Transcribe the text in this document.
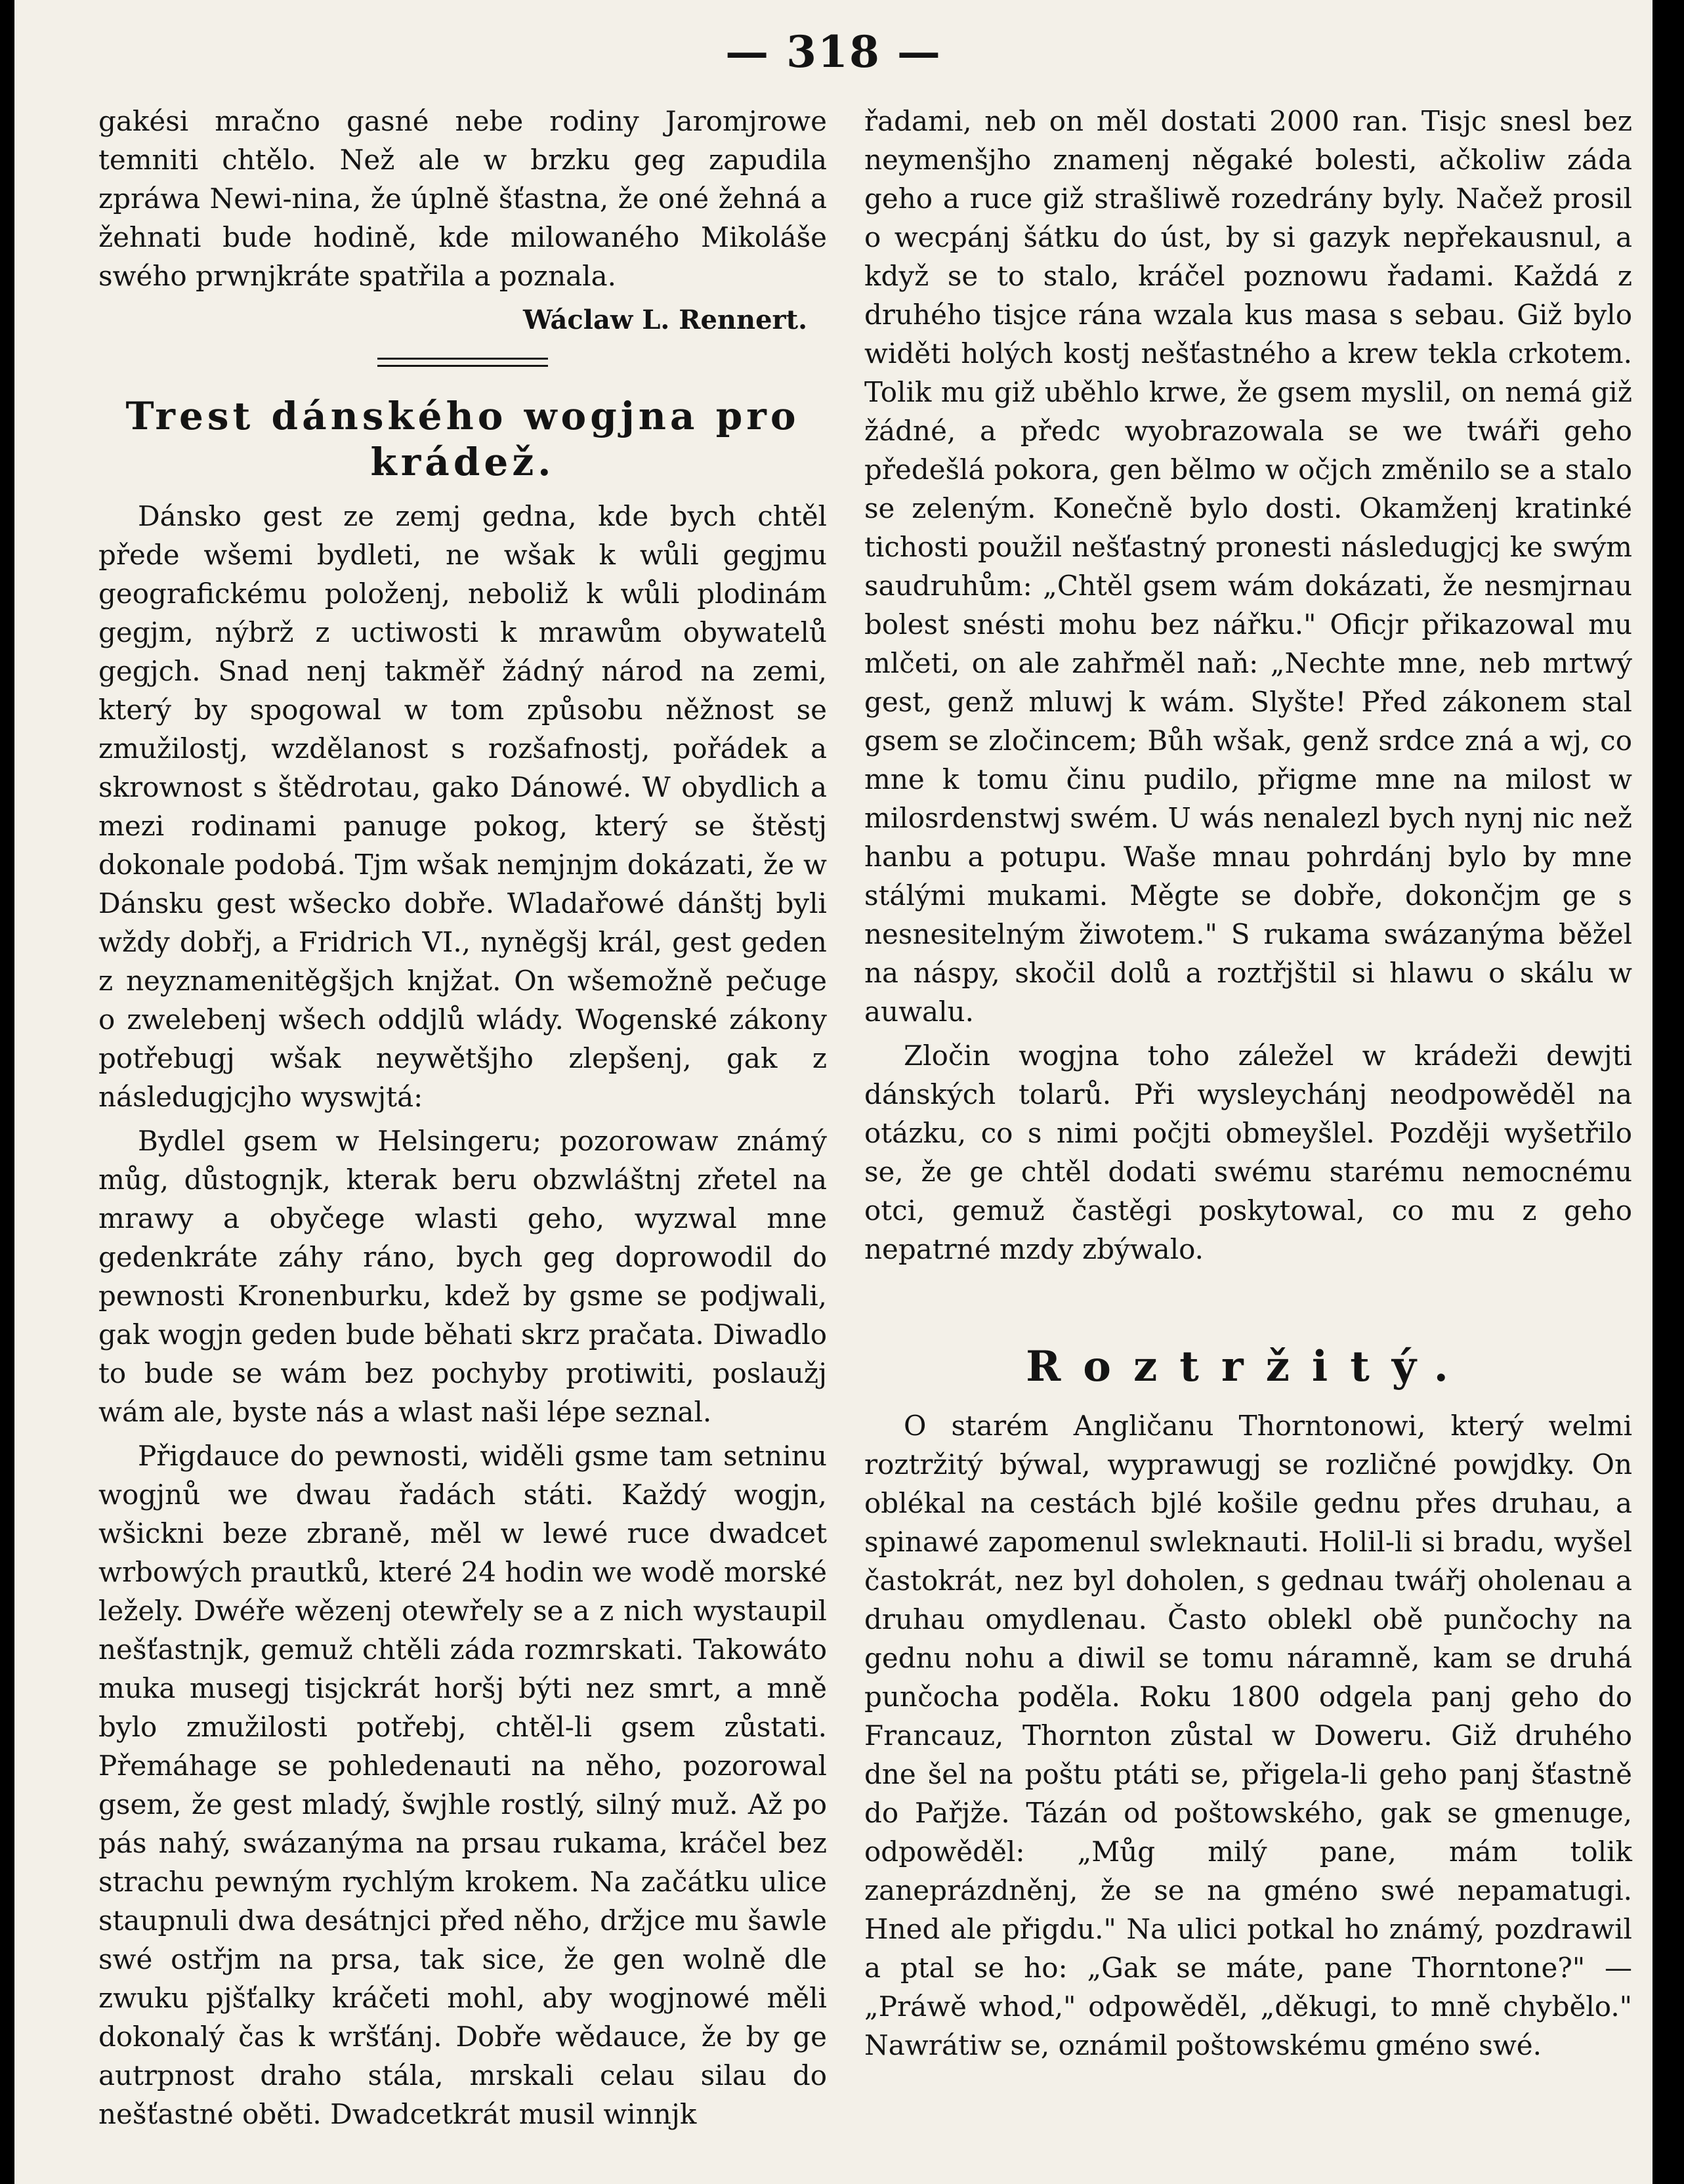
— 318 —

gakési mračno gasné nebe rodiny Jaromjrowe temniti chtělo. Než ale w brzku geg zapudila zpráwa Newi-nina, že úplně šťastna, že oné žehná a žehnati bude hodině, kde milowaného Mikoláše swého prwnjkráte spatřila a poznala.

Wáclaw L. Rennert.
Trest dánského wogjna pro krádež.

Dánsko gest ze zemj gedna, kde bych chtěl přede wšemi bydleti, ne wšak k wůli gegjmu geografickému položenj, neboliž k wůli plodinám gegjm, nýbrž z uctiwosti k mrawům obywatelů gegjch. Snad nenj takměř žádný národ na zemi, který by spogowal w tom způsobu něžnost se zmužilostj, wzdělanost s rozšafnostj, pořádek a skrownost s štědrotau, gako Dánowé. W obydlich a mezi rodinami panuge pokog, který se štěstj dokonale podobá. Tjm wšak nemjnjm dokázati, že w Dánsku gest wšecko dobře. Wladařowé dánštj byli wždy dobřj, a Fridrich VI., nyněgšj král, gest geden z neyznamenitěgšjch knjžat. On wšemožně pečuge o zwelebenj wšech oddjlů wlády. Wogenské zákony potřebugj wšak neywětšjho zlepšenj, gak z následugjcjho wyswjtá:

Bydlel gsem w Helsingeru; pozorowaw známý můg, důstognjk, kterak beru obzwláštnj zřetel na mrawy a obyčege wlasti geho, wyzwal mne gedenkráte záhy ráno, bych geg doprowodil do pewnosti Kronenburku, kdež by gsme se podjwali, gak wogjn geden bude běhati skrz pračata. Diwadlo to bude se wám bez pochyby protiwiti, poslaužj wám ale, byste nás a wlast naši lépe seznal.

Přigdauce do pewnosti, widěli gsme tam setninu wogjnů we dwau řadách státi. Každý wogjn, wšickni beze zbraně, měl w lewé ruce dwadcet wrbowých prautků, které 24 hodin we wodě morské ležely. Dwéře wězenj otewřely se a z nich wystaupil nešťastnjk, gemuž chtěli záda rozmrskati. Takowáto muka musegj tisjckrát horšj býti nez smrt, a mně bylo zmužilosti potřebj, chtěl-li gsem zůstati. Přemáhage se pohledenauti na něho, pozorowal gsem, že gest mladý, šwjhle rostlý, silný muž. Až po pás nahý, swázanýma na prsau rukama, kráčel bez strachu pewným rychlým krokem. Na začátku ulice staupnuli dwa desátnjci před něho, držjce mu šawle swé ostřjm na prsa, tak sice, že gen wolně dle zwuku pjšťalky kráčeti mohl, aby wogjnowé měli dokonalý čas k wršťánj. Dobře wědauce, že by ge autrpnost draho stála, mrskali celau silau do nešťastné oběti. Dwadcetkrát musil winnjk

řadami, neb on měl dostati 2000 ran. Tisjc snesl bez neymenšjho znamenj něgaké bolesti, ačkoliw záda geho a ruce giž strašliwě rozedrány byly. Načež prosil o wecpánj šátku do úst, by si gazyk nepřekausnul, a když se to stalo, kráčel poznowu řadami. Každá z druhého tisjce rána wzala kus masa s sebau. Giž bylo widěti holých kostj nešťastného a krew tekla crkotem. Tolik mu giž uběhlo krwe, že gsem myslil, on nemá giž žádné, a předc wyobrazowala se we twáři geho předešlá pokora, gen bělmo w očjch změnilo se a stalo se zeleným. Konečně bylo dosti. Okamženj kratinké tichosti použil nešťastný pronesti následugjcj ke swým saudruhům: „Chtěl gsem wám dokázati, že nesmjrnau bolest snésti mohu bez nářku." Oficjr přikazowal mu mlčeti, on ale zahřměl naň: „Nechte mne, neb mrtwý gest, genž mluwj k wám. Slyšte! Před zákonem stal gsem se zločincem; Bůh wšak, genž srdce zná a wj, co mne k tomu činu pudilo, přigme mne na milost w milosrdenstwj swém. U wás nenalezl bych nynj nic než hanbu a potupu. Waše mnau pohrdánj bylo by mne stálými mukami. Měgte se dobře, dokončjm ge s nesnesitelným žiwotem." S rukama swázanýma běžel na náspy, skočil dolů a roztřjštil si hlawu o skálu w auwalu.

Zločin wogjna toho záležel w krádeži dewjti dánských tolarů. Při wysleychánj neodpowěděl na otázku, co s nimi počjti obmeyšlel. Později wyšetřilo se, že ge chtěl dodati swému starému nemocnému otci, gemuž častěgi poskytowal, co mu z geho nepatrné mzdy zbýwalo.

Roztržitý.

O starém Angličanu Thorntonowi, který welmi roztržitý býwal, wyprawugj se rozličné powjdky. On oblékal na cestách bjlé košile gednu přes druhau, a spinawé zapomenul swleknauti. Holil-li si bradu, wyšel častokrát, nez byl doholen, s gednau twářj oholenau a druhau omydlenau. Často oblekl obě punčochy na gednu nohu a diwil se tomu náramně, kam se druhá punčocha poděla. Roku 1800 odgela panj geho do Francauz, Thornton zůstal w Doweru. Giž druhého dne šel na poštu ptáti se, přigela-li geho panj šťastně do Pařjže. Tázán od poštowského, gak se gmenuge, odpowěděl: „Můg milý pane, mám tolik zaneprázdněnj, že se na gméno swé nepamatugi. Hned ale přigdu." Na ulici potkal ho známý, pozdrawil a ptal se ho: „Gak se máte, pane Thorntone?" — „Práwě whod," odpowěděl, „děkugi, to mně chybělo." Nawrátiw se, oznámil poštowskému gméno swé.
